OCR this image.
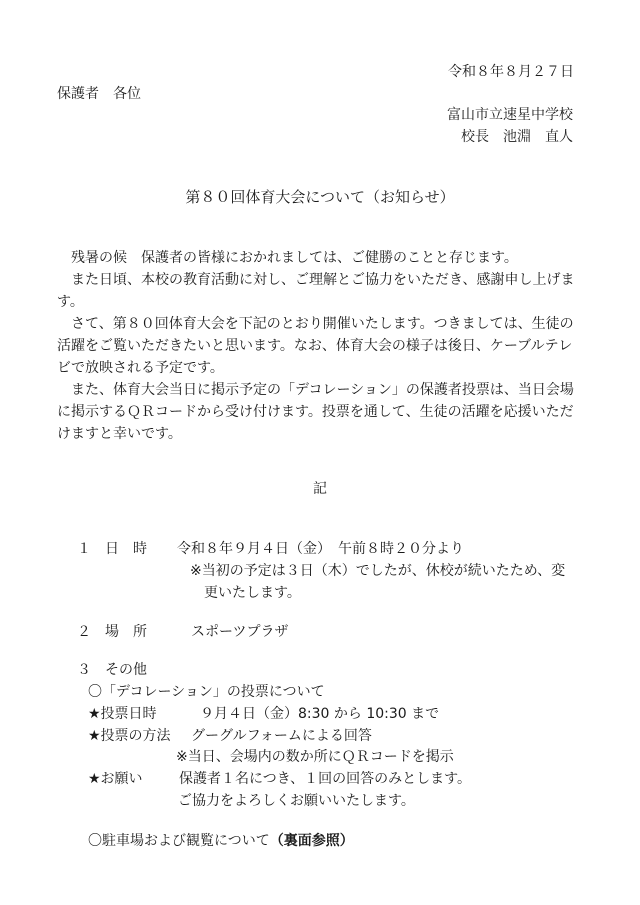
令和８年８月２７日
保護者　各位
富山市立速星中学校
校長　池淵　直人
第８０回体育大会について（お知らせ）

残暑の候　保護者の皆様におかれましては、ご健勝のことと存じます。

また日頃、本校の教育活動に対し、ご理解とご協力をいただき、感謝申し上げます。

さて、第８０回体育大会を下記のとおり開催いたします。つきましては、生徒の活躍をご覧いただきたいと思います。なお、体育大会の様子は後日、ケーブルテレビで放映される予定です。

また、体育大会当日に掲示予定の「デコレーション」の保護者投票は、当日会場に掲示するＱＲコードから受け付けます。投票を通して、生徒の活躍を応援いただけますと幸いです。

記
１　日　時 令和８年９月４日（金）　午前８時２０分より
※当初の予定は３日（木）でしたが、休校が続いたため、変
更いたします。
２　場　所	スポーツプラザ
３　その他
〇「デコレーション」の投票について
★投票日時	９月４日（金）8:30 から 10:30 まで
★投票の方法 グーグルフォームによる回答
※当日、会場内の数か所にＱＲコードを掲示
★お願い	保護者１名につき、１回の回答のみとします。
ご協力をよろしくお願いいたします。
〇駐車場および観覧について（裏面参照）
